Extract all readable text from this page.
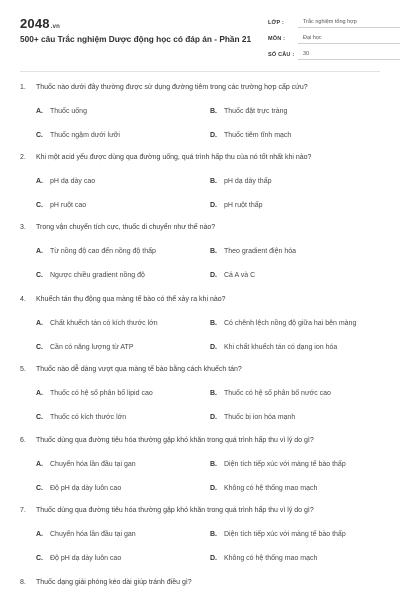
2048.vn
500+ câu Trắc nghiệm Dược động học có đáp án - Phần 21
LỚP :	Trắc nghiệm tổng hợp
MÔN :	Đại học
SỐ CÂU :	30
1. Thuốc nào dưới đây thường được sử dụng đường tiêm trong các trường hợp cấp cứu?
A. Thuốc uống	B. Thuốc đặt trực tràng
C. Thuốc ngậm dưới lưỡi	D. Thuốc tiêm tĩnh mạch
2. Khi một acid yếu được dùng qua đường uống, quá trình hấp thu của nó tốt nhất khi nào?
A. pH dạ dày cao	B. pH dạ dày thấp
C. pH ruột cao	D. pH ruột thấp
3. Trong vận chuyển tích cực, thuốc di chuyển như thế nào?
A. Từ nồng độ cao đến nồng độ thấp	B. Theo gradient điện hóa
C. Ngược chiều gradient nồng độ	D. Cả A và C
4. Khuếch tán thụ động qua màng tế bào có thể xảy ra khi nào?
A. Chất khuếch tán có kích thước lớn	B. Có chênh lệch nồng độ giữa hai bên màng
C. Cần có năng lượng từ ATP	D. Khi chất khuếch tán có dạng ion hóa
5. Thuốc nào dễ dàng vượt qua màng tế bào bằng cách khuếch tán?
A. Thuốc có hệ số phân bố lipid cao	B. Thuốc có hệ số phân bố nước cao
C. Thuốc có kích thước lớn	D. Thuốc bị ion hóa mạnh
6. Thuốc dùng qua đường tiêu hóa thường gặp khó khăn trong quá trình hấp thu vì lý do gì?
A. Chuyển hóa lần đầu tại gan	B. Diện tích tiếp xúc với màng tế bào thấp
C. Độ pH dạ dày luôn cao	D. Không có hệ thống mao mạch
7. Thuốc dùng qua đường tiêu hóa thường gặp khó khăn trong quá trình hấp thu vì lý do gì?
A. Chuyển hóa lần đầu tại gan	B. Diện tích tiếp xúc với màng tế bào thấp
C. Độ pH dạ dày luôn cao	D. Không có hệ thống mao mạch
8. Thuốc dạng giải phóng kéo dài giúp tránh điều gì?
